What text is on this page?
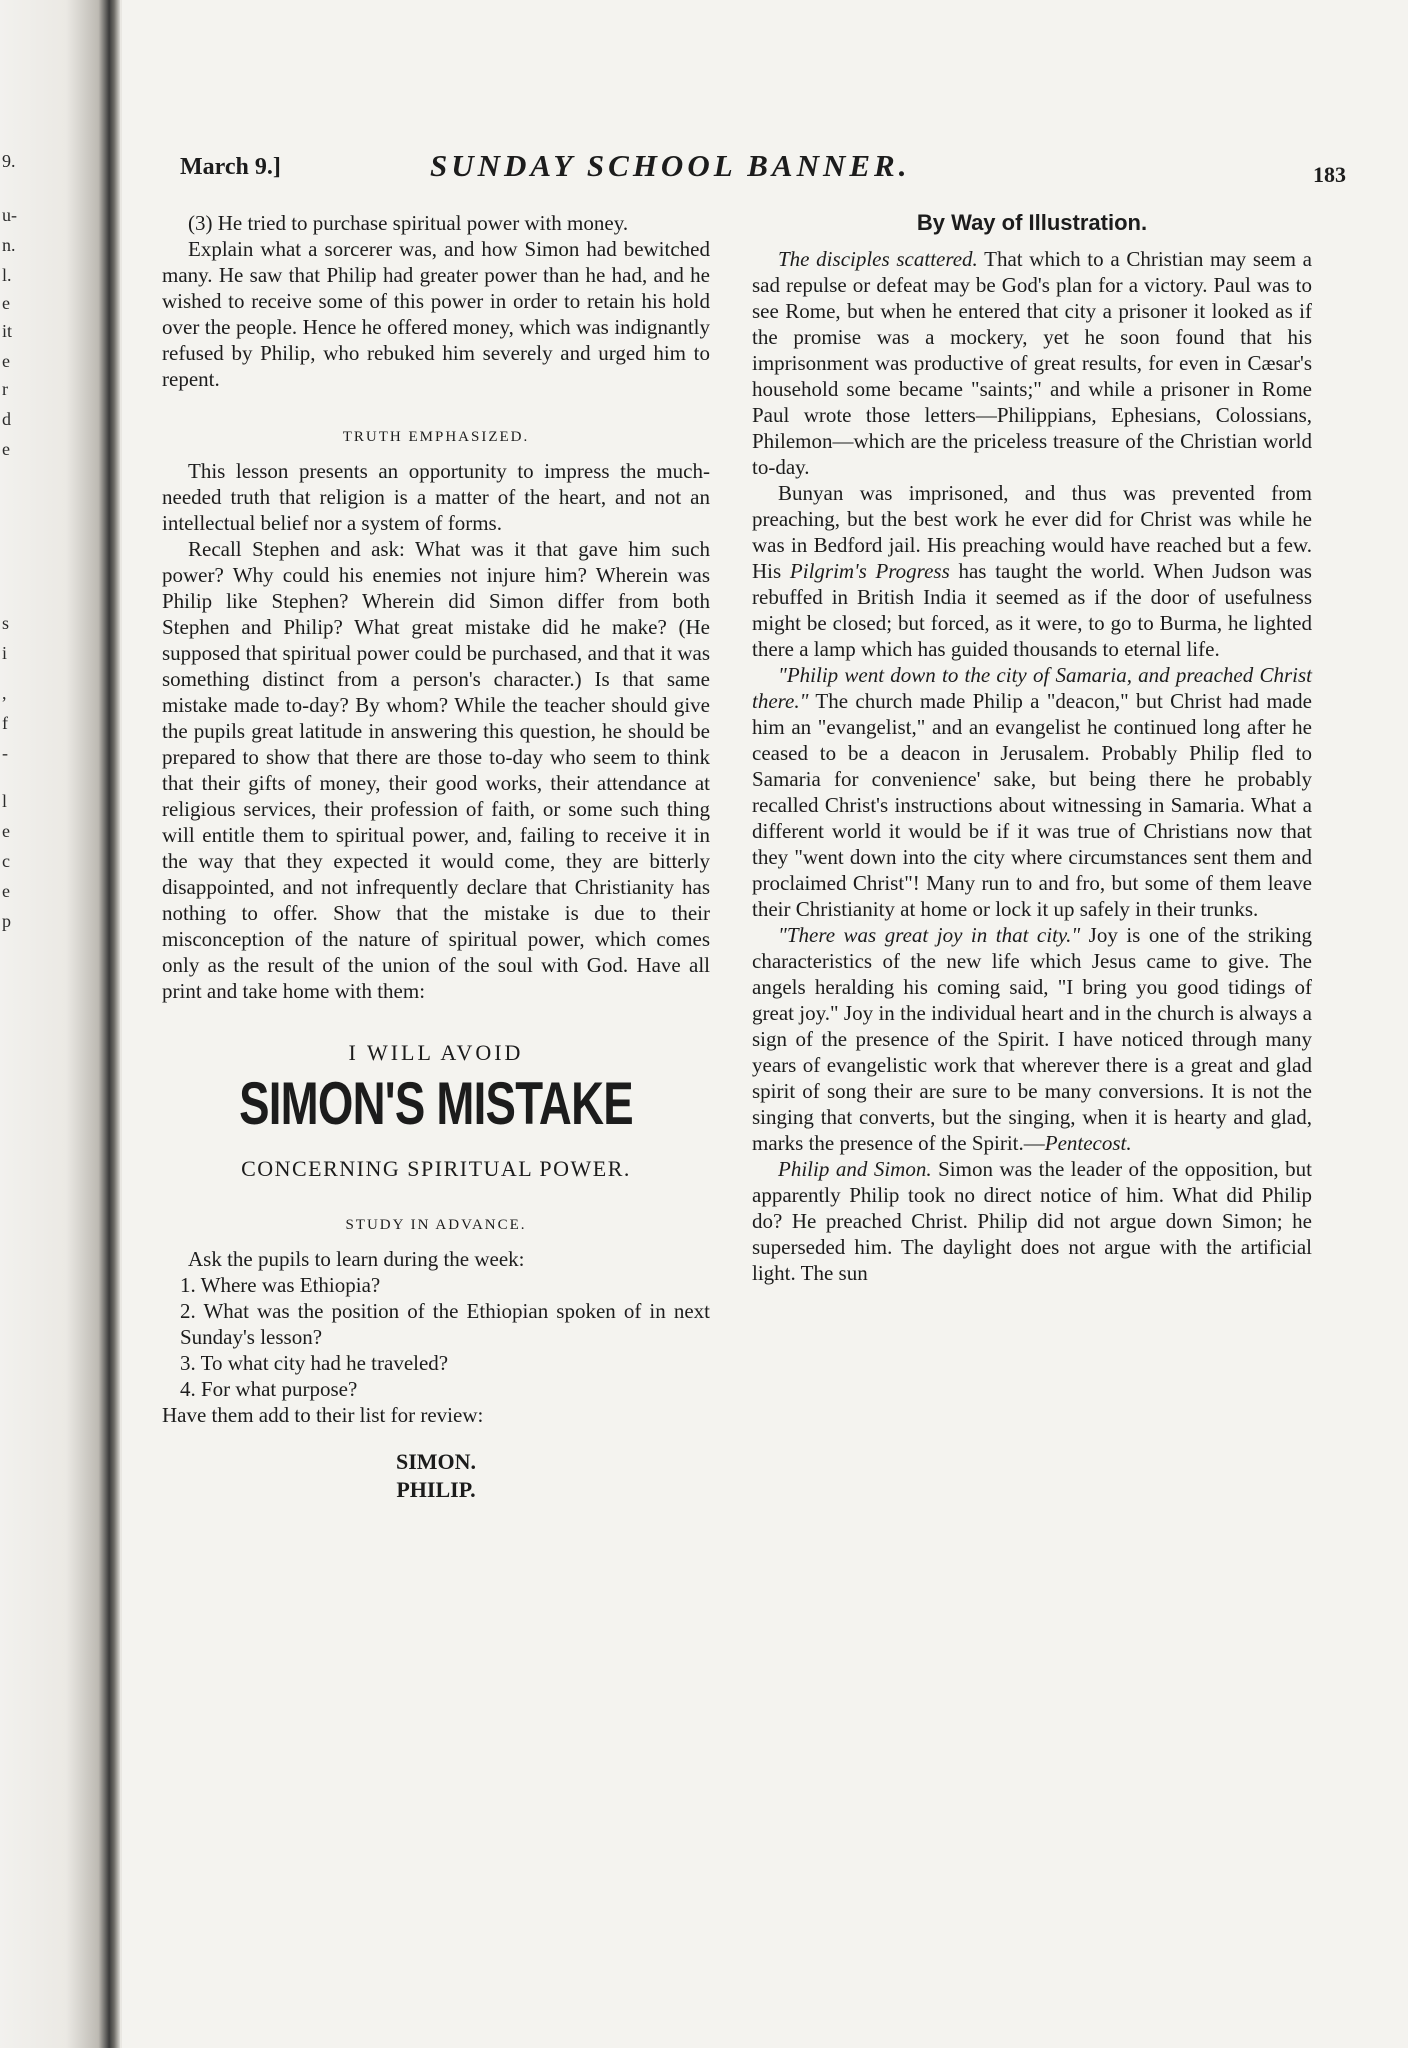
9.
u-
n.
l.
e
it
e
r
d
e
s
i
,
f
-
l
e
c
e
p
March 9.]	SUNDAY SCHOOL BANNER.	183

(3) He tried to purchase spiritual power with money.

Explain what a sorcerer was, and how Simon had bewitched many. He saw that Philip had greater power than he had, and he wished to receive some of this power in order to retain his hold over the people. Hence he offered money, which was indignantly refused by Philip, who rebuked him severely and urged him to repent.

TRUTH EMPHASIZED.

This lesson presents an opportunity to impress the much-needed truth that religion is a matter of the heart, and not an intellectual belief nor a system of forms.

Recall Stephen and ask: What was it that gave him such power? Why could his enemies not injure him? Wherein was Philip like Stephen? Wherein did Simon differ from both Stephen and Philip? What great mistake did he make? (He supposed that spiritual power could be purchased, and that it was something distinct from a person's character.) Is that same mistake made to-day? By whom? While the teacher should give the pupils great latitude in answering this question, he should be prepared to show that there are those to-day who seem to think that their gifts of money, their good works, their attendance at religious services, their profession of faith, or some such thing will entitle them to spiritual power, and, failing to receive it in the way that they expected it would come, they are bitterly disappointed, and not infrequently declare that Christianity has nothing to offer. Show that the mistake is due to their misconception of the nature of spiritual power, which comes only as the result of the union of the soul with God. Have all print and take home with them:

I WILL AVOID
SIMON'S MISTAKE
CONCERNING SPIRITUAL POWER.
STUDY IN ADVANCE.

Ask the pupils to learn during the week:

1. Where was Ethiopia?

2. What was the position of the Ethiopian spoken of in next Sunday's lesson?

3. To what city had he traveled?

4. For what purpose?

Have them add to their list for review:

SIMON.
PHILIP.
By Way of Illustration.

The disciples scattered. That which to a Christian may seem a sad repulse or defeat may be God's plan for a victory. Paul was to see Rome, but when he entered that city a prisoner it looked as if the promise was a mockery, yet he soon found that his imprisonment was productive of great results, for even in Cæsar's household some became "saints;" and while a prisoner in Rome Paul wrote those letters—Philippians, Ephesians, Colossians, Philemon—which are the priceless treasure of the Christian world to-day.

Bunyan was imprisoned, and thus was prevented from preaching, but the best work he ever did for Christ was while he was in Bedford jail. His preaching would have reached but a few. His Pilgrim's Progress has taught the world. When Judson was rebuffed in British India it seemed as if the door of usefulness might be closed; but forced, as it were, to go to Burma, he lighted there a lamp which has guided thousands to eternal life.

"Philip went down to the city of Samaria, and preached Christ there." The church made Philip a "deacon," but Christ had made him an "evangelist," and an evangelist he continued long after he ceased to be a deacon in Jerusalem. Probably Philip fled to Samaria for convenience' sake, but being there he probably recalled Christ's instructions about witnessing in Samaria. What a different world it would be if it was true of Christians now that they "went down into the city where circumstances sent them and proclaimed Christ"! Many run to and fro, but some of them leave their Christianity at home or lock it up safely in their trunks.

"There was great joy in that city." Joy is one of the striking characteristics of the new life which Jesus came to give. The angels heralding his coming said, "I bring you good tidings of great joy." Joy in the individual heart and in the church is always a sign of the presence of the Spirit. I have noticed through many years of evangelistic work that wherever there is a great and glad spirit of song their are sure to be many conversions. It is not the singing that converts, but the singing, when it is hearty and glad, marks the presence of the Spirit.—Pentecost.

Philip and Simon. Simon was the leader of the opposition, but apparently Philip took no direct notice of him. What did Philip do? He preached Christ. Philip did not argue down Simon; he superseded him. The daylight does not argue with the artificial light. The sun
